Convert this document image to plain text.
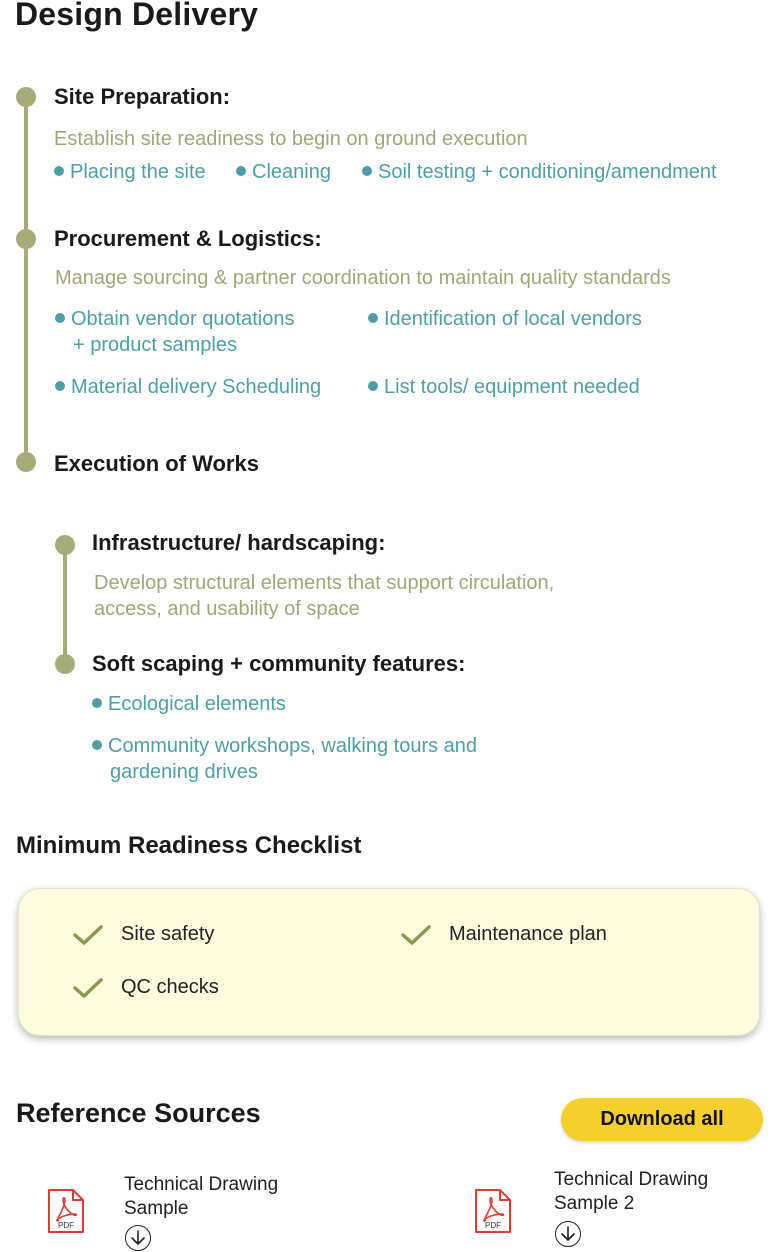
Design Delivery
Site Preparation:
Establish site readiness to begin on ground execution
Placing the site	Cleaning	Soil testing + conditioning/amendment
Procurement & Logistics:
Manage sourcing & partner coordination to maintain quality standards
Obtain vendor quotations
+ product samples
Identification of local vendors
Material delivery Scheduling	List tools/ equipment needed
Execution of Works
Infrastructure/ hardscaping:
Develop structural elements that support circulation,
access, and usability of space
Soft scaping + community features:
Ecological elements
Community workshops, walking tours and
gardening drives
Minimum Readiness Checklist
Site safety	Maintenance plan
QC checks
Reference Sources	Download all
PDF
Technical Drawing
Sample
PDF
Technical Drawing
Sample 2
